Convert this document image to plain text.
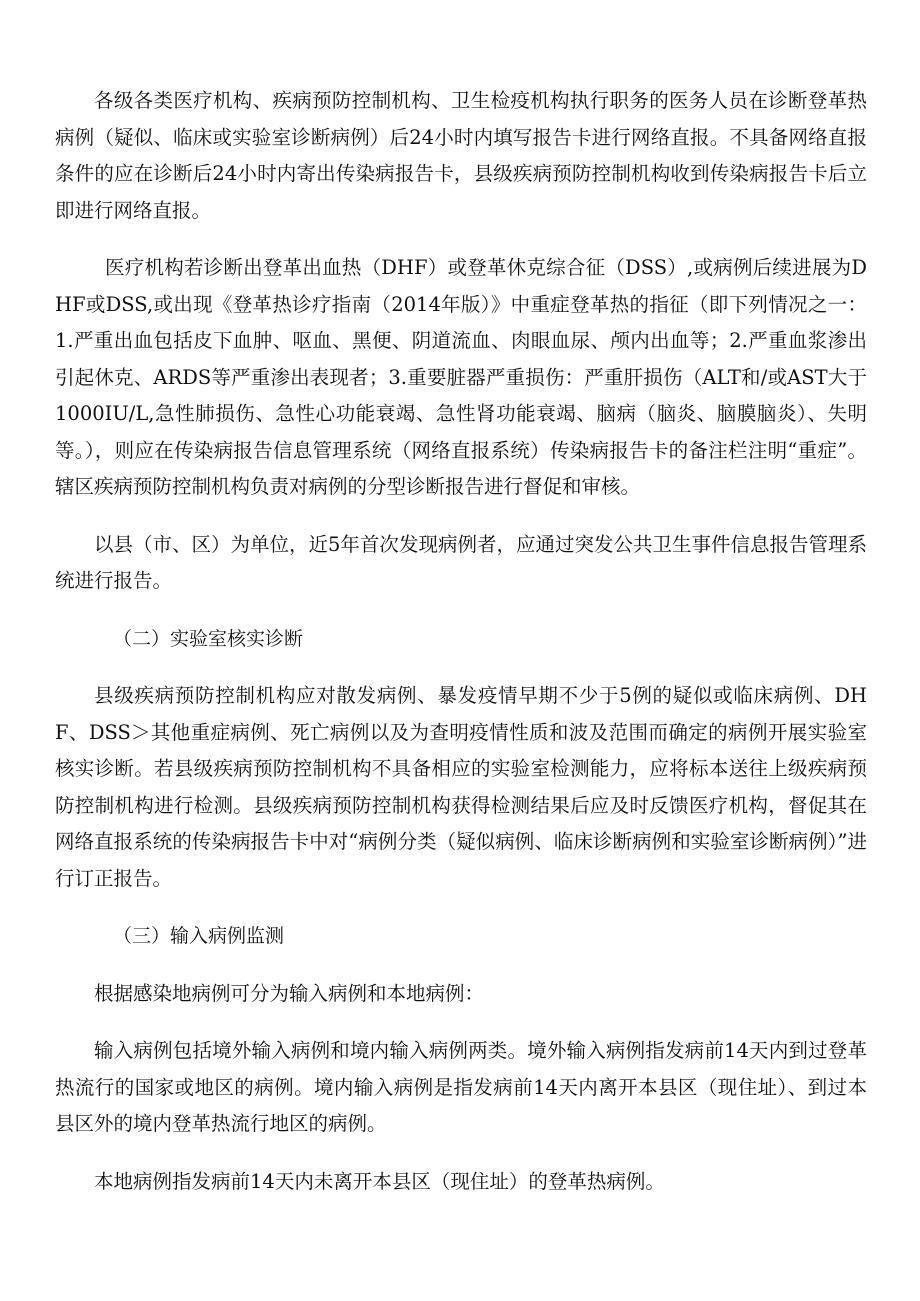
各级各类医疗机构、疾病预防控制机构、卫生检疫机构执行职务的医务人员在诊断登革热病例（疑似、临床或实验室诊断病例）后24小时内填写报告卡进行网络直报。不具备网络直报条件的应在诊断后24小时内寄出传染病报告卡，县级疾病预防控制机构收到传染病报告卡后立即进行网络直报。

医疗机构若诊断出登革出血热（DHF）或登革休克综合征（DSS）,或病例后续进展为DHF或DSS,或出现《登革热诊疗指南（2014年版）》中重症登革热的指征（即下列情况之一：1.严重出血包括皮下血肿、呕血、黑便、阴道流血、肉眼血尿、颅内出血等；2.严重血浆渗出引起休克、ARDS等严重渗出表现者；3.重要脏器严重损伤：严重肝损伤（ALT和/或AST大于1000IU/L,急性肺损伤、急性心功能衰竭、急性肾功能衰竭、脑病（脑炎、脑膜脑炎）、失明等。），则应在传染病报告信息管理系统（网络直报系统）传染病报告卡的备注栏注明“重症”。辖区疾病预防控制机构负责对病例的分型诊断报告进行督促和审核。

以县（市、区）为单位，近5年首次发现病例者，应通过突发公共卫生事件信息报告管理系统进行报告。

（二）实验室核实诊断

县级疾病预防控制机构应对散发病例、暴发疫情早期不少于5例的疑似或临床病例、DHF、DSS＞其他重症病例、死亡病例以及为查明疫情性质和波及范围而确定的病例开展实验室核实诊断。若县级疾病预防控制机构不具备相应的实验室检测能力，应将标本送往上级疾病预防控制机构进行检测。县级疾病预防控制机构获得检测结果后应及时反馈医疗机构，督促其在网络直报系统的传染病报告卡中对“病例分类（疑似病例、临床诊断病例和实验室诊断病例）”进行订正报告。

（三）输入病例监测

根据感染地病例可分为输入病例和本地病例：

输入病例包括境外输入病例和境内输入病例两类。境外输入病例指发病前14天内到过登革热流行的国家或地区的病例。境内输入病例是指发病前14天内离开本县区（现住址）、到过本县区外的境内登革热流行地区的病例。

本地病例指发病前14天内未离开本县区（现住址）的登革热病例。
